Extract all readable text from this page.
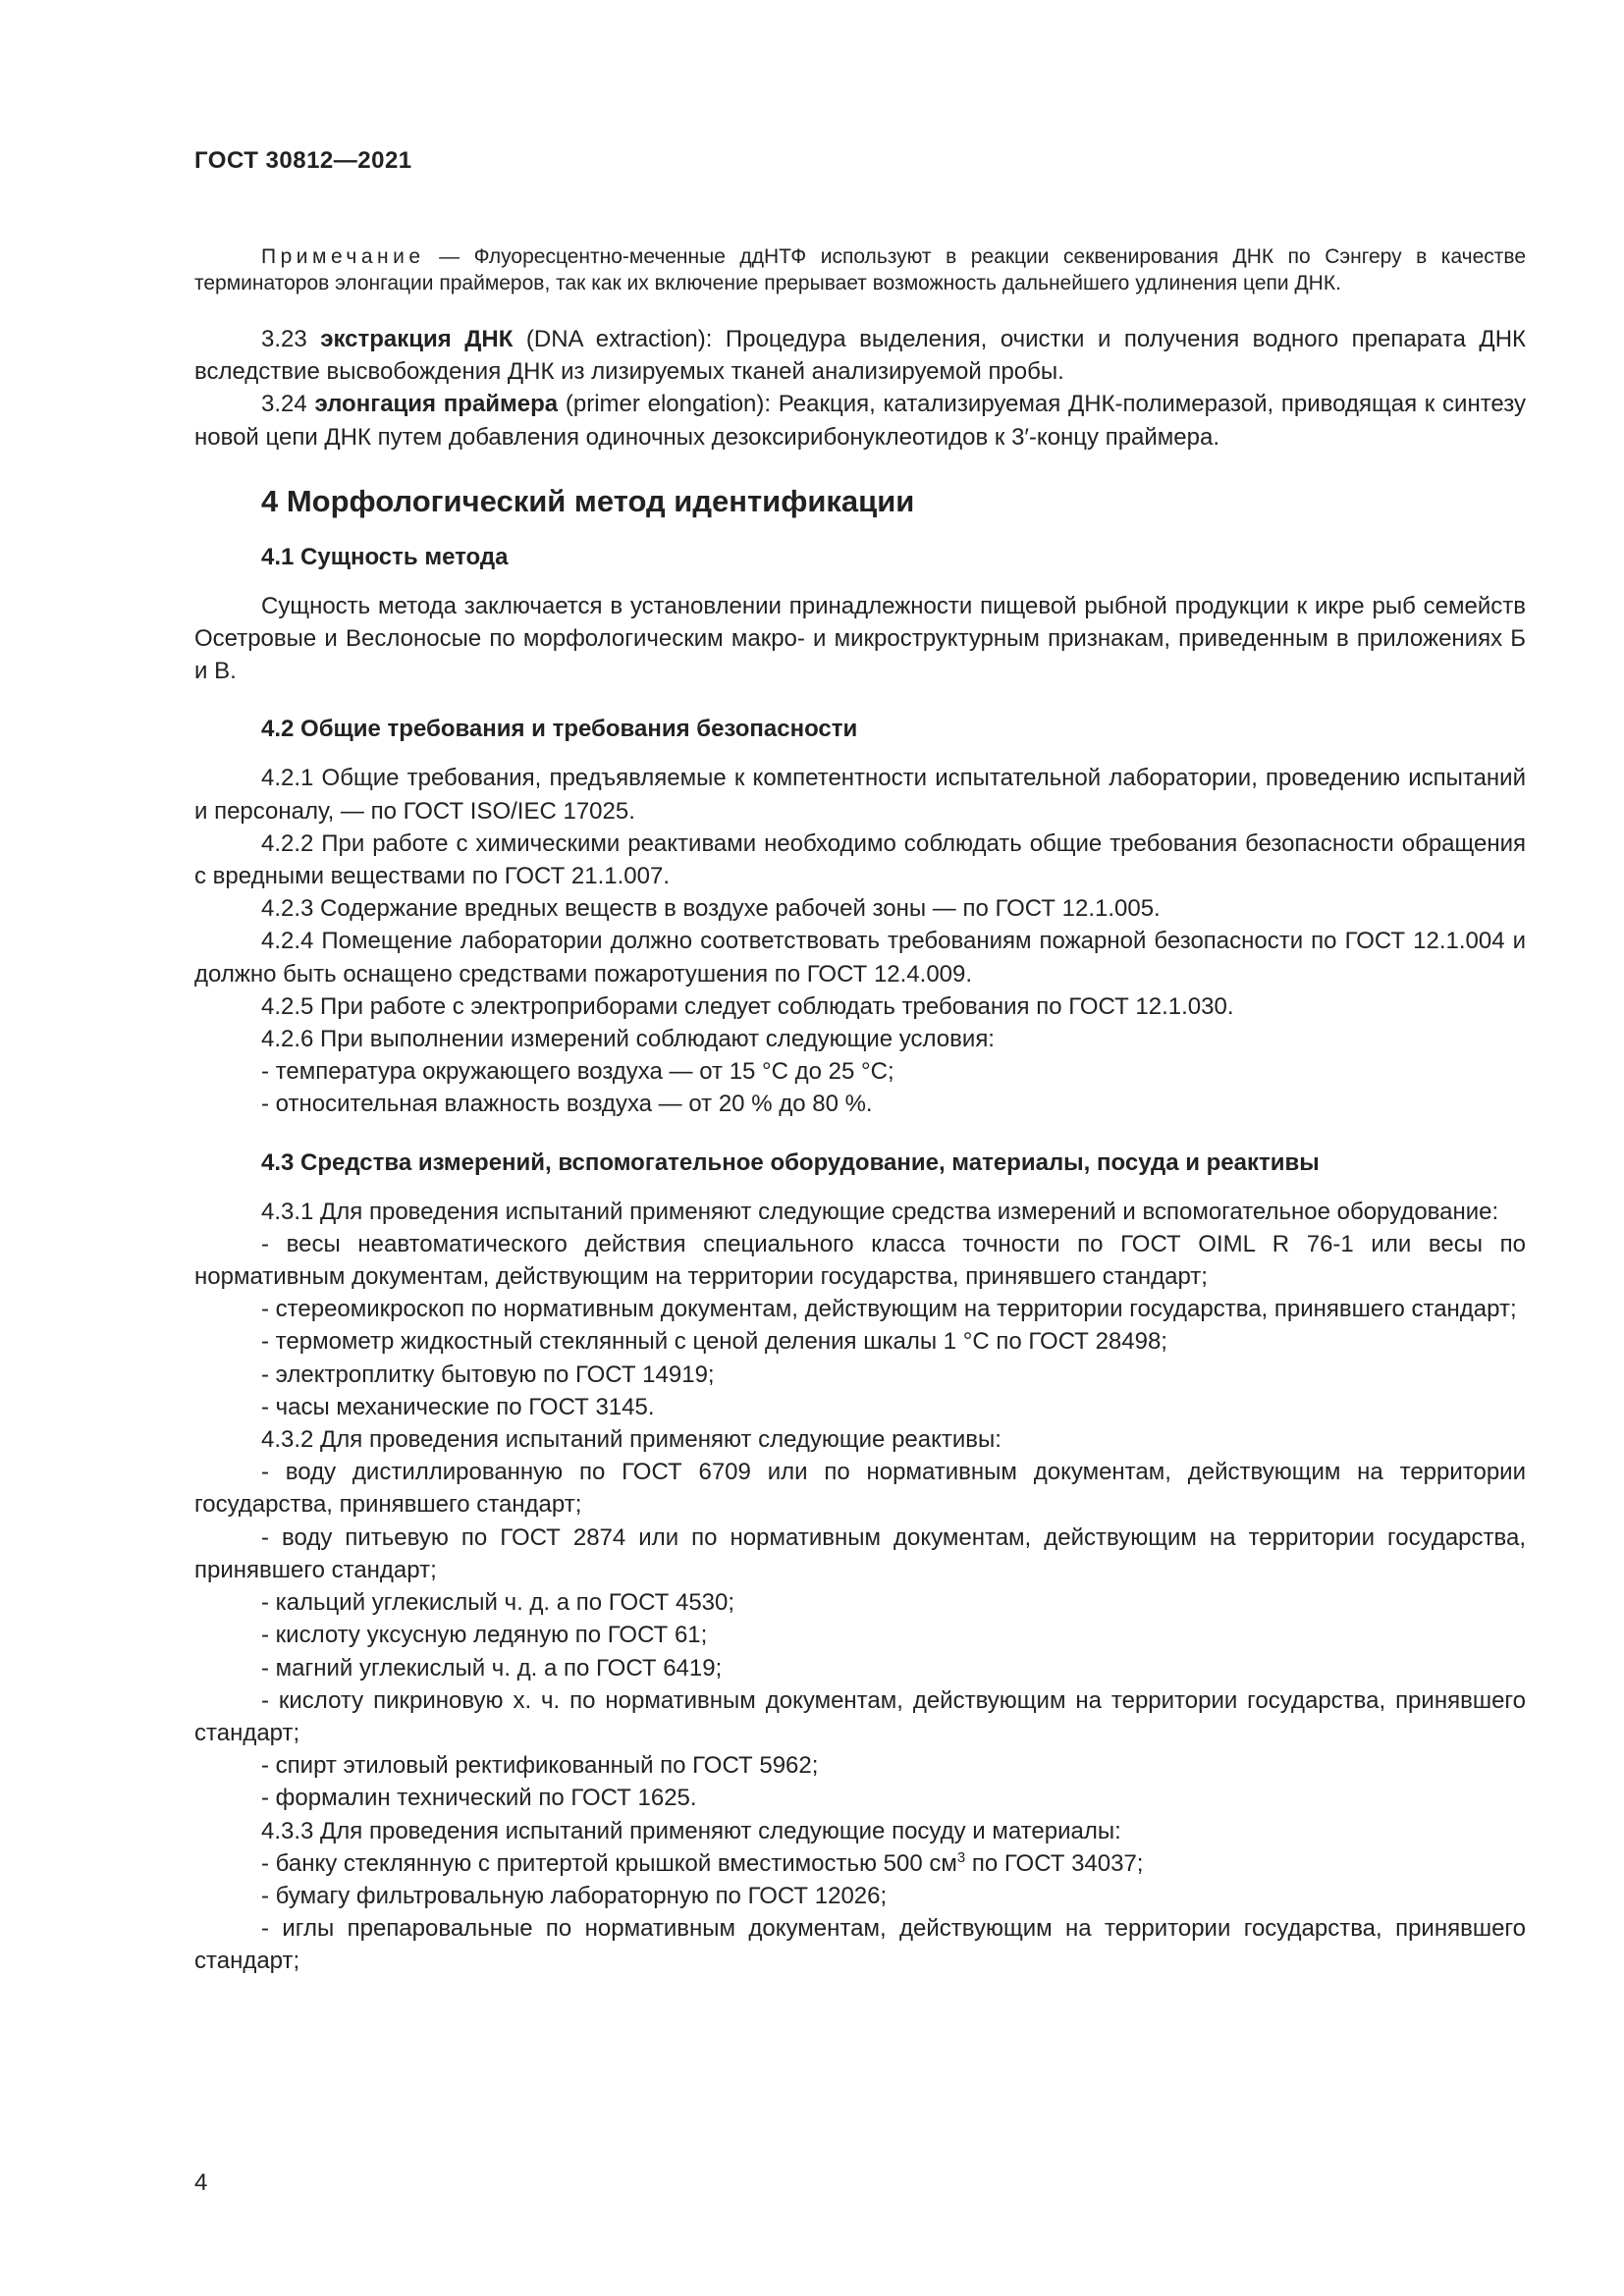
ГОСТ 30812—2021
Примечание — Флуоресцентно-меченные ддНТФ используют в реакции секвенирования ДНК по Сэнгеру в качестве терминаторов элонгации праймеров, так как их включение прерывает возможность дальнейшего удлинения цепи ДНК.

3.23 экстракция ДНК (DNA extraction): Процедура выделения, очистки и получения водного препарата ДНК вследствие высвобождения ДНК из лизируемых тканей анализируемой пробы.

3.24 элонгация праймера (primer elongation): Реакция, катализируемая ДНК-полимеразой, приводящая к синтезу новой цепи ДНК путем добавления одиночных дезоксирибонуклеотидов к 3′-концу праймера.

4 Морфологический метод идентификации
4.1 Сущность метода

Сущность метода заключается в установлении принадлежности пищевой рыбной продукции к икре рыб семейств Осетровые и Веслоносые по морфологическим макро- и микроструктурным признакам, приведенным в приложениях Б и В.

4.2 Общие требования и требования безопасности

4.2.1 Общие требования, предъявляемые к компетентности испытательной лаборатории, проведению испытаний и персоналу, — по ГОСТ ISO/IEC 17025.

4.2.2 При работе с химическими реактивами необходимо соблюдать общие требования безопасности обращения с вредными веществами по ГОСТ 21.1.007.

4.2.3 Содержание вредных веществ в воздухе рабочей зоны — по ГОСТ 12.1.005.

4.2.4 Помещение лаборатории должно соответствовать требованиям пожарной безопасности по ГОСТ 12.1.004 и должно быть оснащено средствами пожаротушения по ГОСТ 12.4.009.

4.2.5 При работе с электроприборами следует соблюдать требования по ГОСТ 12.1.030.

4.2.6 При выполнении измерений соблюдают следующие условия:

- температура окружающего воздуха — от 15 °С до 25 °С;

- относительная влажность воздуха — от 20 % до 80 %.

4.3 Средства измерений, вспомогательное оборудование, материалы, посуда и реактивы

4.3.1 Для проведения испытаний применяют следующие средства измерений и вспомогательное оборудование:

- весы неавтоматического действия специального класса точности по ГОСТ OIML R 76-1 или весы по нормативным документам, действующим на территории государства, принявшего стандарт;

- стереомикроскоп по нормативным документам, действующим на территории государства, принявшего стандарт;

- термометр жидкостный стеклянный с ценой деления шкалы 1 °С по ГОСТ 28498;

- электроплитку бытовую по ГОСТ 14919;

- часы механические по ГОСТ 3145.

4.3.2 Для проведения испытаний применяют следующие реактивы:

- воду дистиллированную по ГОСТ 6709 или по нормативным документам, действующим на территории государства, принявшего стандарт;

- воду питьевую по ГОСТ 2874 или по нормативным документам, действующим на территории государства, принявшего стандарт;

- кальций углекислый ч. д. а по ГОСТ 4530;

- кислоту уксусную ледяную по ГОСТ 61;

- магний углекислый ч. д. а по ГОСТ 6419;

- кислоту пикриновую х. ч. по нормативным документам, действующим на территории государства, принявшего стандарт;

- спирт этиловый ректификованный по ГОСТ 5962;

- формалин технический по ГОСТ 1625.

4.3.3 Для проведения испытаний применяют следующие посуду и материалы:

- банку стеклянную с притертой крышкой вместимостью 500 $см^3$ по ГОСТ 34037;

- бумагу фильтровальную лабораторную по ГОСТ 12026;

- иглы препаровальные по нормативным документам, действующим на территории государства, принявшего стандарт;

4
